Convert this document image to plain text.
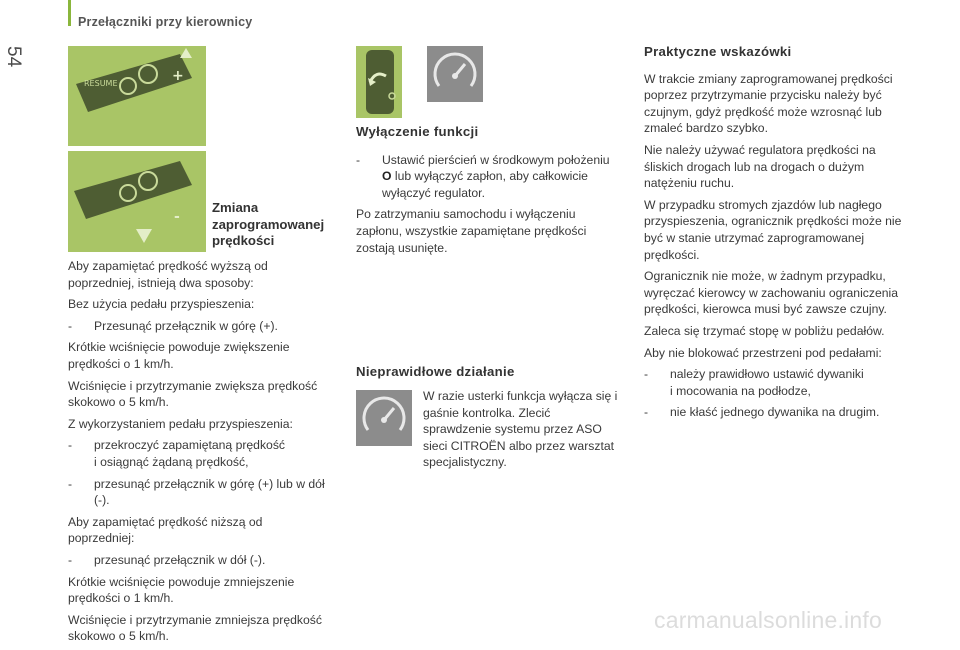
54
Przełączniki przy kierownicy
RESUME	+
-

Aby zapamiętać prędkość wyższą od poprzedniej, istnieją dwa sposoby:

Bez użycia pedału przyspieszenia:

- Przesunąć przełącznik w górę (+).

Krótkie wciśnięcie powoduje zwiększenie prędkości o 1 km/h.

Wciśnięcie i przytrzymanie zwiększa prędkość skokowo o 5 km/h.

Z wykorzystaniem pedału przyspieszenia:

- przekroczyć zapamiętaną prędkość
i osiągnąć żądaną prędkość,
- przesunąć przełącznik w górę (+) lub w dół (-).

Aby zapamiętać prędkość niższą od poprzedniej:

- przesunąć przełącznik w dół (-).

Krótkie wciśnięcie powoduje zmniejszenie prędkości o 1 km/h.

Wciśnięcie i przytrzymanie zmniejsza prędkość skokowo o 5 km/h.

Zmiana
zaprogramowanej
prędkości
Wyłączenie funkcji
- Ustawić pierścień w środkowym położeniu O lub wyłączyć zapłon, aby całkowicie wyłączyć regulator.

Po zatrzymaniu samochodu i wyłączeniu zapłonu, wszystkie zapamiętane prędkości zostają usunięte.

Nieprawidłowe działanie

W razie usterki funkcja wyłącza się i gaśnie kontrolka. Zlecić sprawdzenie systemu przez ASO sieci CITROËN albo przez warsztat specjalistyczny.

Praktyczne wskazówki

W trakcie zmiany zaprogramowanej prędkości poprzez przytrzymanie przycisku należy być czujnym, gdyż prędkość może wzrosnąć lub zmaleć bardzo szybko.

Nie należy używać regulatora prędkości na śliskich drogach lub na drogach o dużym natężeniu ruchu.

W przypadku stromych zjazdów lub nagłego przyspieszenia, ogranicznik prędkości może nie być w stanie utrzymać zaprogramowanej prędkości.

Ogranicznik nie może, w żadnym przypadku, wyręczać kierowcy w zachowaniu ograniczenia prędkości, kierowca musi być zawsze czujny.

Zaleca się trzymać stopę w pobliżu pedałów.

Aby nie blokować przestrzeni pod pedałami:

- należy prawidłowo ustawić dywaniki
i mocowania na podłodze,
- nie kłaść jednego dywanika na drugim.
carmanualsonline.info
